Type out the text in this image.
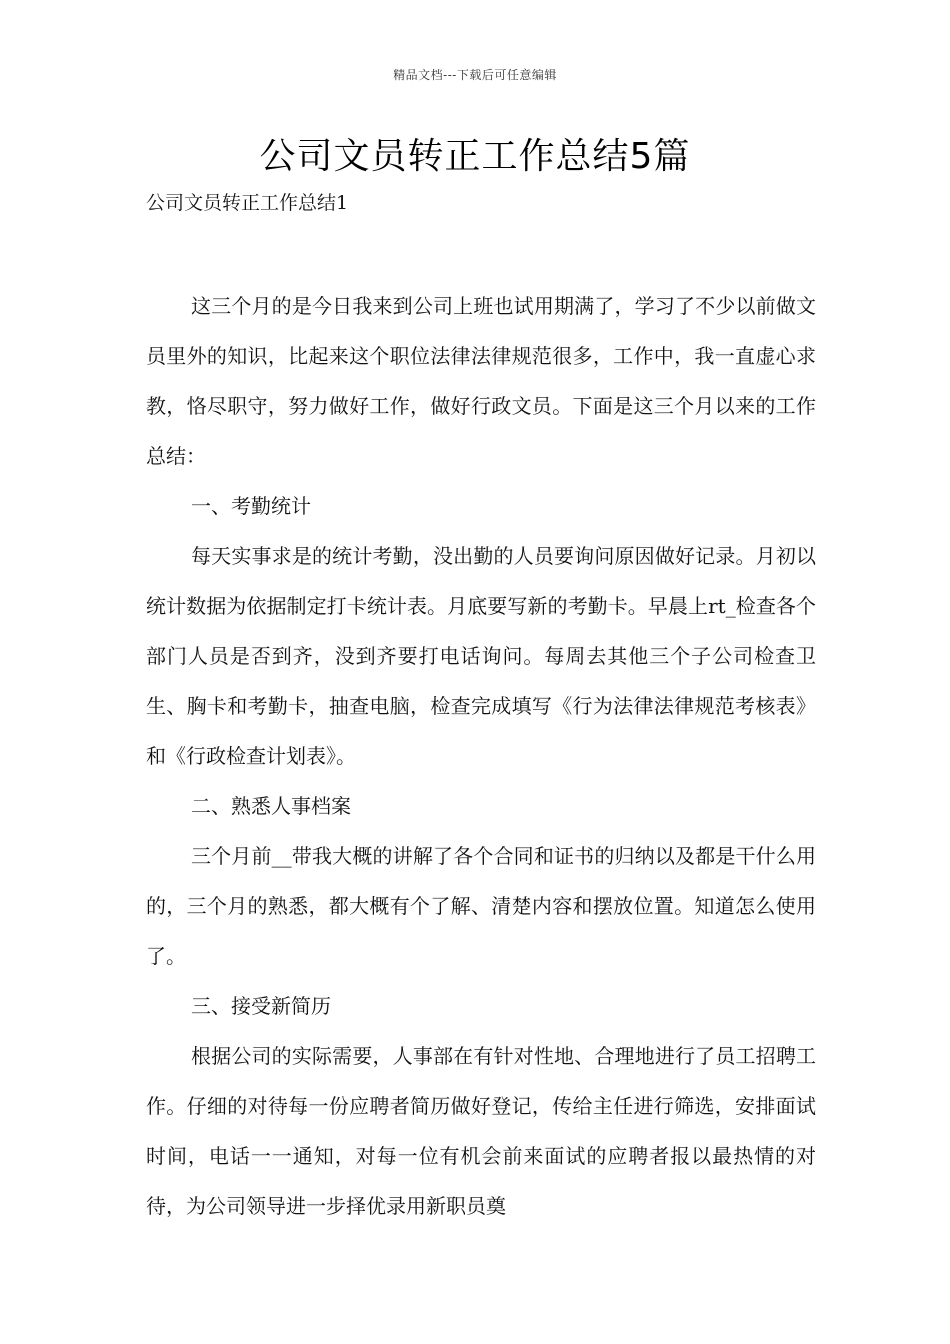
精品文档---下载后可任意编辑
公司文员转正工作总结5篇
公司文员转正工作总结1

这三个月的是今日我来到公司上班也试用期满了，学习了不少以前做文员里外的知识，比起来这个职位法律法律规范很多，工作中，我一直虚心求教，恪尽职守，努力做好工作，做好行政文员。下面是这三个月以来的工作总结：

一、考勤统计

每天实事求是的统计考勤，没出勤的人员要询问原因做好记录。月初以统计数据为依据制定打卡统计表。月底要写新的考勤卡。早晨上rt_检查各个部门人员是否到齐，没到齐要打电话询问。每周去其他三个子公司检查卫生、胸卡和考勤卡，抽查电脑，检查完成填写《行为法律法律规范考核表》和《行政检查计划表》。

二、熟悉人事档案

三个月前__带我大概的讲解了各个合同和证书的归纳以及都是干什么用的，三个月的熟悉，都大概有个了解、清楚内容和摆放位置。知道怎么使用了。

三、接受新简历

根据公司的实际需要，人事部在有针对性地、合理地进行了员工招聘工作。仔细的对待每一份应聘者简历做好登记，传给主任进行筛选，安排面试时间，电话一一通知，对每一位有机会前来面试的应聘者报以最热情的对待，为公司领导进一步择优录用新职员奠
